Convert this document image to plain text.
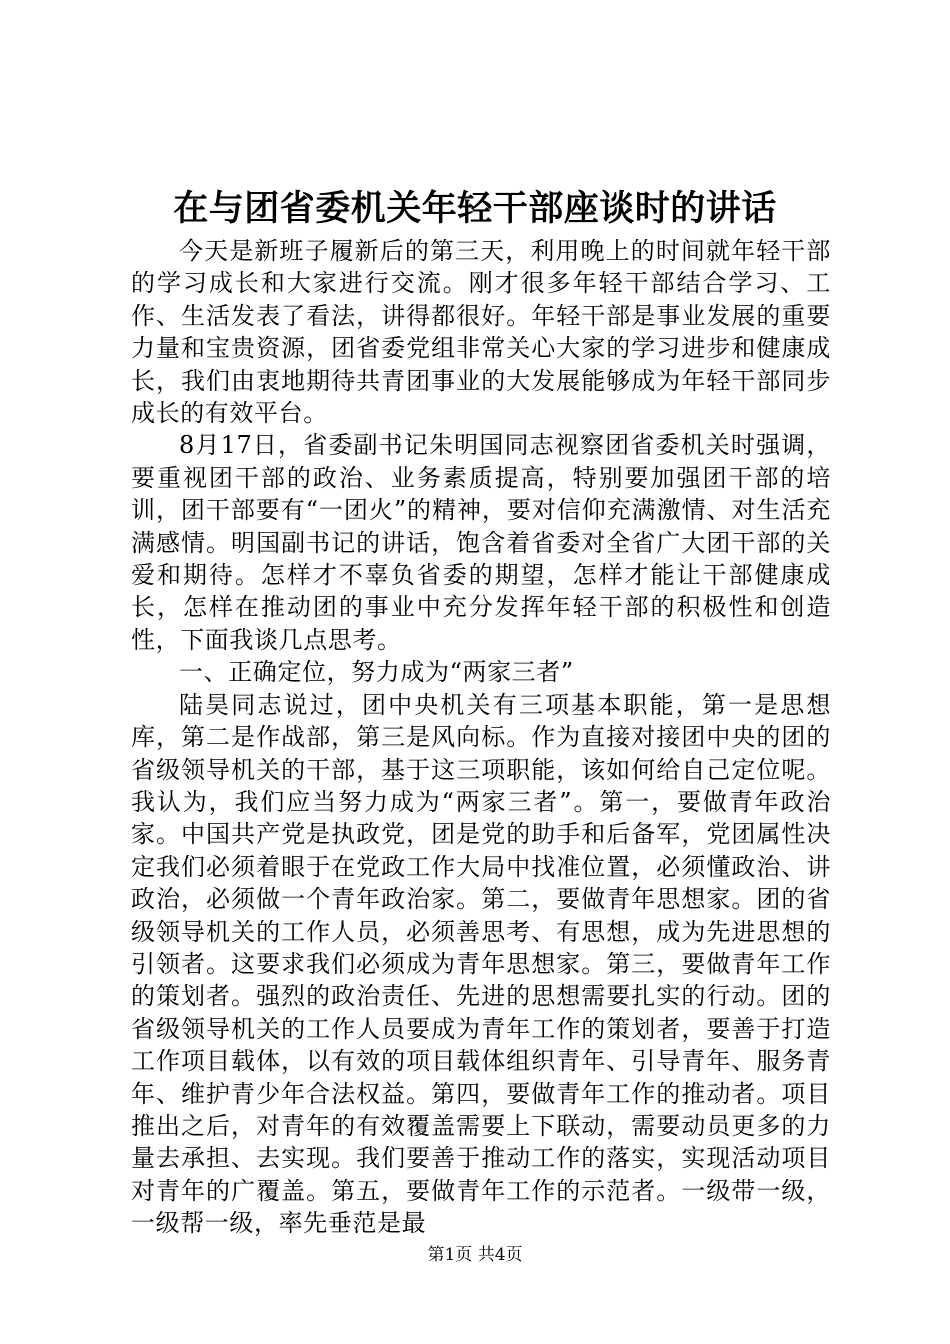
在与团省委机关年轻干部座谈时的讲话

今天是新班子履新后的第三天，利用晚上的时间就年轻干部的学习成长和大家进行交流。刚才很多年轻干部结合学习、工作、生活发表了看法，讲得都很好。年轻干部是事业发展的重要力量和宝贵资源，团省委党组非常关心大家的学习进步和健康成长，我们由衷地期待共青团事业的大发展能够成为年轻干部同步成长的有效平台。

8月17日，省委副书记朱明国同志视察团省委机关时强调，要重视团干部的政治、业务素质提高，特别要加强团干部的培训，团干部要有“一团火”的精神，要对信仰充满激情、对生活充满感情。明国副书记的讲话，饱含着省委对全省广大团干部的关爱和期待。怎样才不辜负省委的期望，怎样才能让干部健康成长，怎样在推动团的事业中充分发挥年轻干部的积极性和创造性，下面我谈几点思考。

一、正确定位，努力成为“两家三者”

陆昊同志说过，团中央机关有三项基本职能，第一是思想库，第二是作战部，第三是风向标。作为直接对接团中央的团的省级领导机关的干部，基于这三项职能，该如何给自己定位呢。我认为，我们应当努力成为“两家三者”。第一，要做青年政治家。中国共产党是执政党，团是党的助手和后备军，党团属性决定我们必须着眼于在党政工作大局中找准位置，必须懂政治、讲政治，必须做一个青年政治家。第二，要做青年思想家。团的省级领导机关的工作人员，必须善思考、有思想，成为先进思想的引领者。这要求我们必须成为青年思想家。第三，要做青年工作的策划者。强烈的政治责任、先进的思想需要扎实的行动。团的省级领导机关的工作人员要成为青年工作的策划者，要善于打造工作项目载体，以有效的项目载体组织青年、引导青年、服务青年、维护青少年合法权益。第四，要做青年工作的推动者。项目推出之后，对青年的有效覆盖需要上下联动，需要动员更多的力量去承担、去实现。我们要善于推动工作的落实，实现活动项目对青年的广覆盖。第五，要做青年工作的示范者。一级带一级，一级帮一级，率先垂范是最

第1页 共4页
